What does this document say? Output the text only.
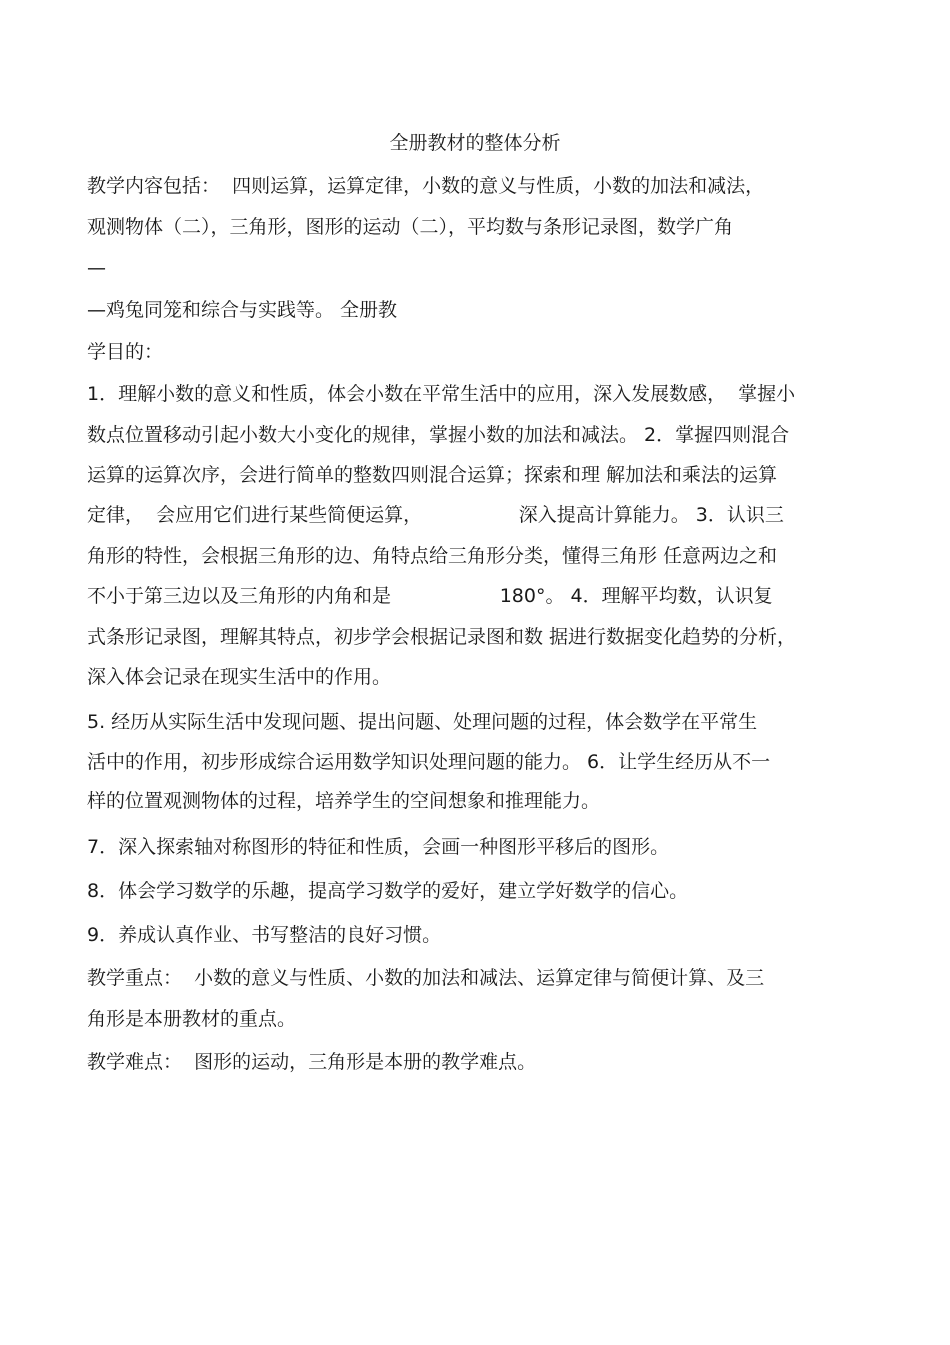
全册教材的整体分析
教学内容包括：  四则运算，运算定律，小数的意义与性质，小数的加法和减法，
观测物体（二），三角形，图形的运动（二），平均数与条形记录图，数学广角
—
—鸡兔同笼和综合与实践等。 全册教
学目的：
1．理解小数的意义和性质，体会小数在平常生活中的应用，深入发展数感，  掌握小
数点位置移动引起小数大小变化的规律，掌握小数的加法和减法。 2．掌握四则混合
运算的运算次序，会进行简单的整数四则混合运算；探索和理 解加法和乘法的运算
定律，  会应用它们进行某些简便运算，                深入提高计算能力。 3．认识三
角形的特性，会根据三角形的边、角特点给三角形分类，懂得三角形 任意两边之和
不小于第三边以及三角形的内角和是                  180°。 4．理解平均数，认识复
式条形记录图，理解其特点，初步学会根据记录图和数 据进行数据变化趋势的分析，
深入体会记录在现实生活中的作用。
5. 经历从实际生活中发现问题、提出问题、处理问题的过程，体会数学在平常生
活中的作用，初步形成综合运用数学知识处理问题的能力。 6．让学生经历从不一
样的位置观测物体的过程，培养学生的空间想象和推理能力。
7．深入探索轴对称图形的特征和性质，会画一种图形平移后的图形。
8．体会学习数学的乐趣，提高学习数学的爱好，建立学好数学的信心。
9．养成认真作业、书写整洁的良好习惯。
教学重点：  小数的意义与性质、小数的加法和减法、运算定律与简便计算、及三
角形是本册教材的重点。
教学难点：  图形的运动，三角形是本册的教学难点。
